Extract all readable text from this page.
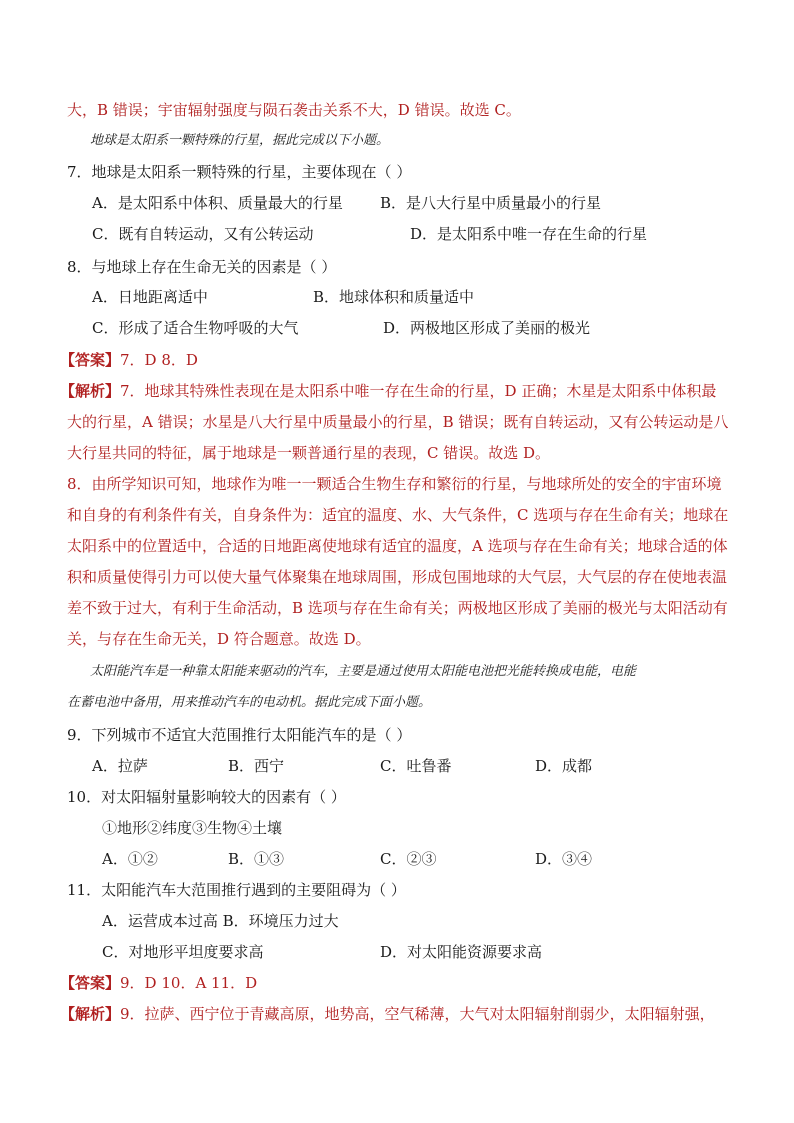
大，B 错误；宇宙辐射强度与陨石袭击关系不大，D 错误。故选 C。
地球是太阳系一颗特殊的行星，据此完成以下小题。
7．地球是太阳系一颗特殊的行星，主要体现在（ ）
A．是太阳系中体积、质量最大的行星 B．是八大行星中质量最小的行星
C．既有自转运动，又有公转运动	D．是太阳系中唯一存在生命的行星
8．与地球上存在生命无关的因素是（ ）
A．日地距离适中	B．地球体积和质量适中
C．形成了适合生物呼吸的大气	D．两极地区形成了美丽的极光
【答案】7．D 8．D
【解析】7．地球其特殊性表现在是太阳系中唯一存在生命的行星，D 正确；木星是太阳系中体积最
大的行星，A 错误；水星是八大行星中质量最小的行星，B 错误；既有自转运动，又有公转运动是八
大行星共同的特征，属于地球是一颗普通行星的表现，C 错误。故选 D。
8．由所学知识可知，地球作为唯一一颗适合生物生存和繁衍的行星，与地球所处的安全的宇宙环境
和自身的有利条件有关，自身条件为：适宜的温度、水、大气条件，C 选项与存在生命有关；地球在
太阳系中的位置适中，合适的日地距离使地球有适宜的温度，A 选项与存在生命有关；地球合适的体
积和质量使得引力可以使大量气体聚集在地球周围，形成包围地球的大气层，大气层的存在使地表温
差不致于过大，有利于生命活动，B 选项与存在生命有关；两极地区形成了美丽的极光与太阳活动有
关，与存在生命无关，D 符合题意。故选 D。
太阳能汽车是一种靠太阳能来驱动的汽车，主要是通过使用太阳能电池把光能转换成电能，电能
在蓄电池中备用，用来推动汽车的电动机。据此完成下面小题。
9．下列城市不适宜大范围推行太阳能汽车的是（ ）
A．拉萨	B．西宁	C．吐鲁番	D．成都
10．对太阳辐射量影响较大的因素有（ ）
①地形②纬度③生物④土壤
A．①②	B．①③	C．②③	D．③④
11．太阳能汽车大范围推行遇到的主要阻碍为（ ）
A．运营成本过高 B．环境压力过大
C．对地形平坦度要求高	D．对太阳能资源要求高
【答案】9．D 10．A 11．D
【解析】9．拉萨、西宁位于青藏高原，地势高，空气稀薄，大气对太阳辐射削弱少，太阳辐射强，
